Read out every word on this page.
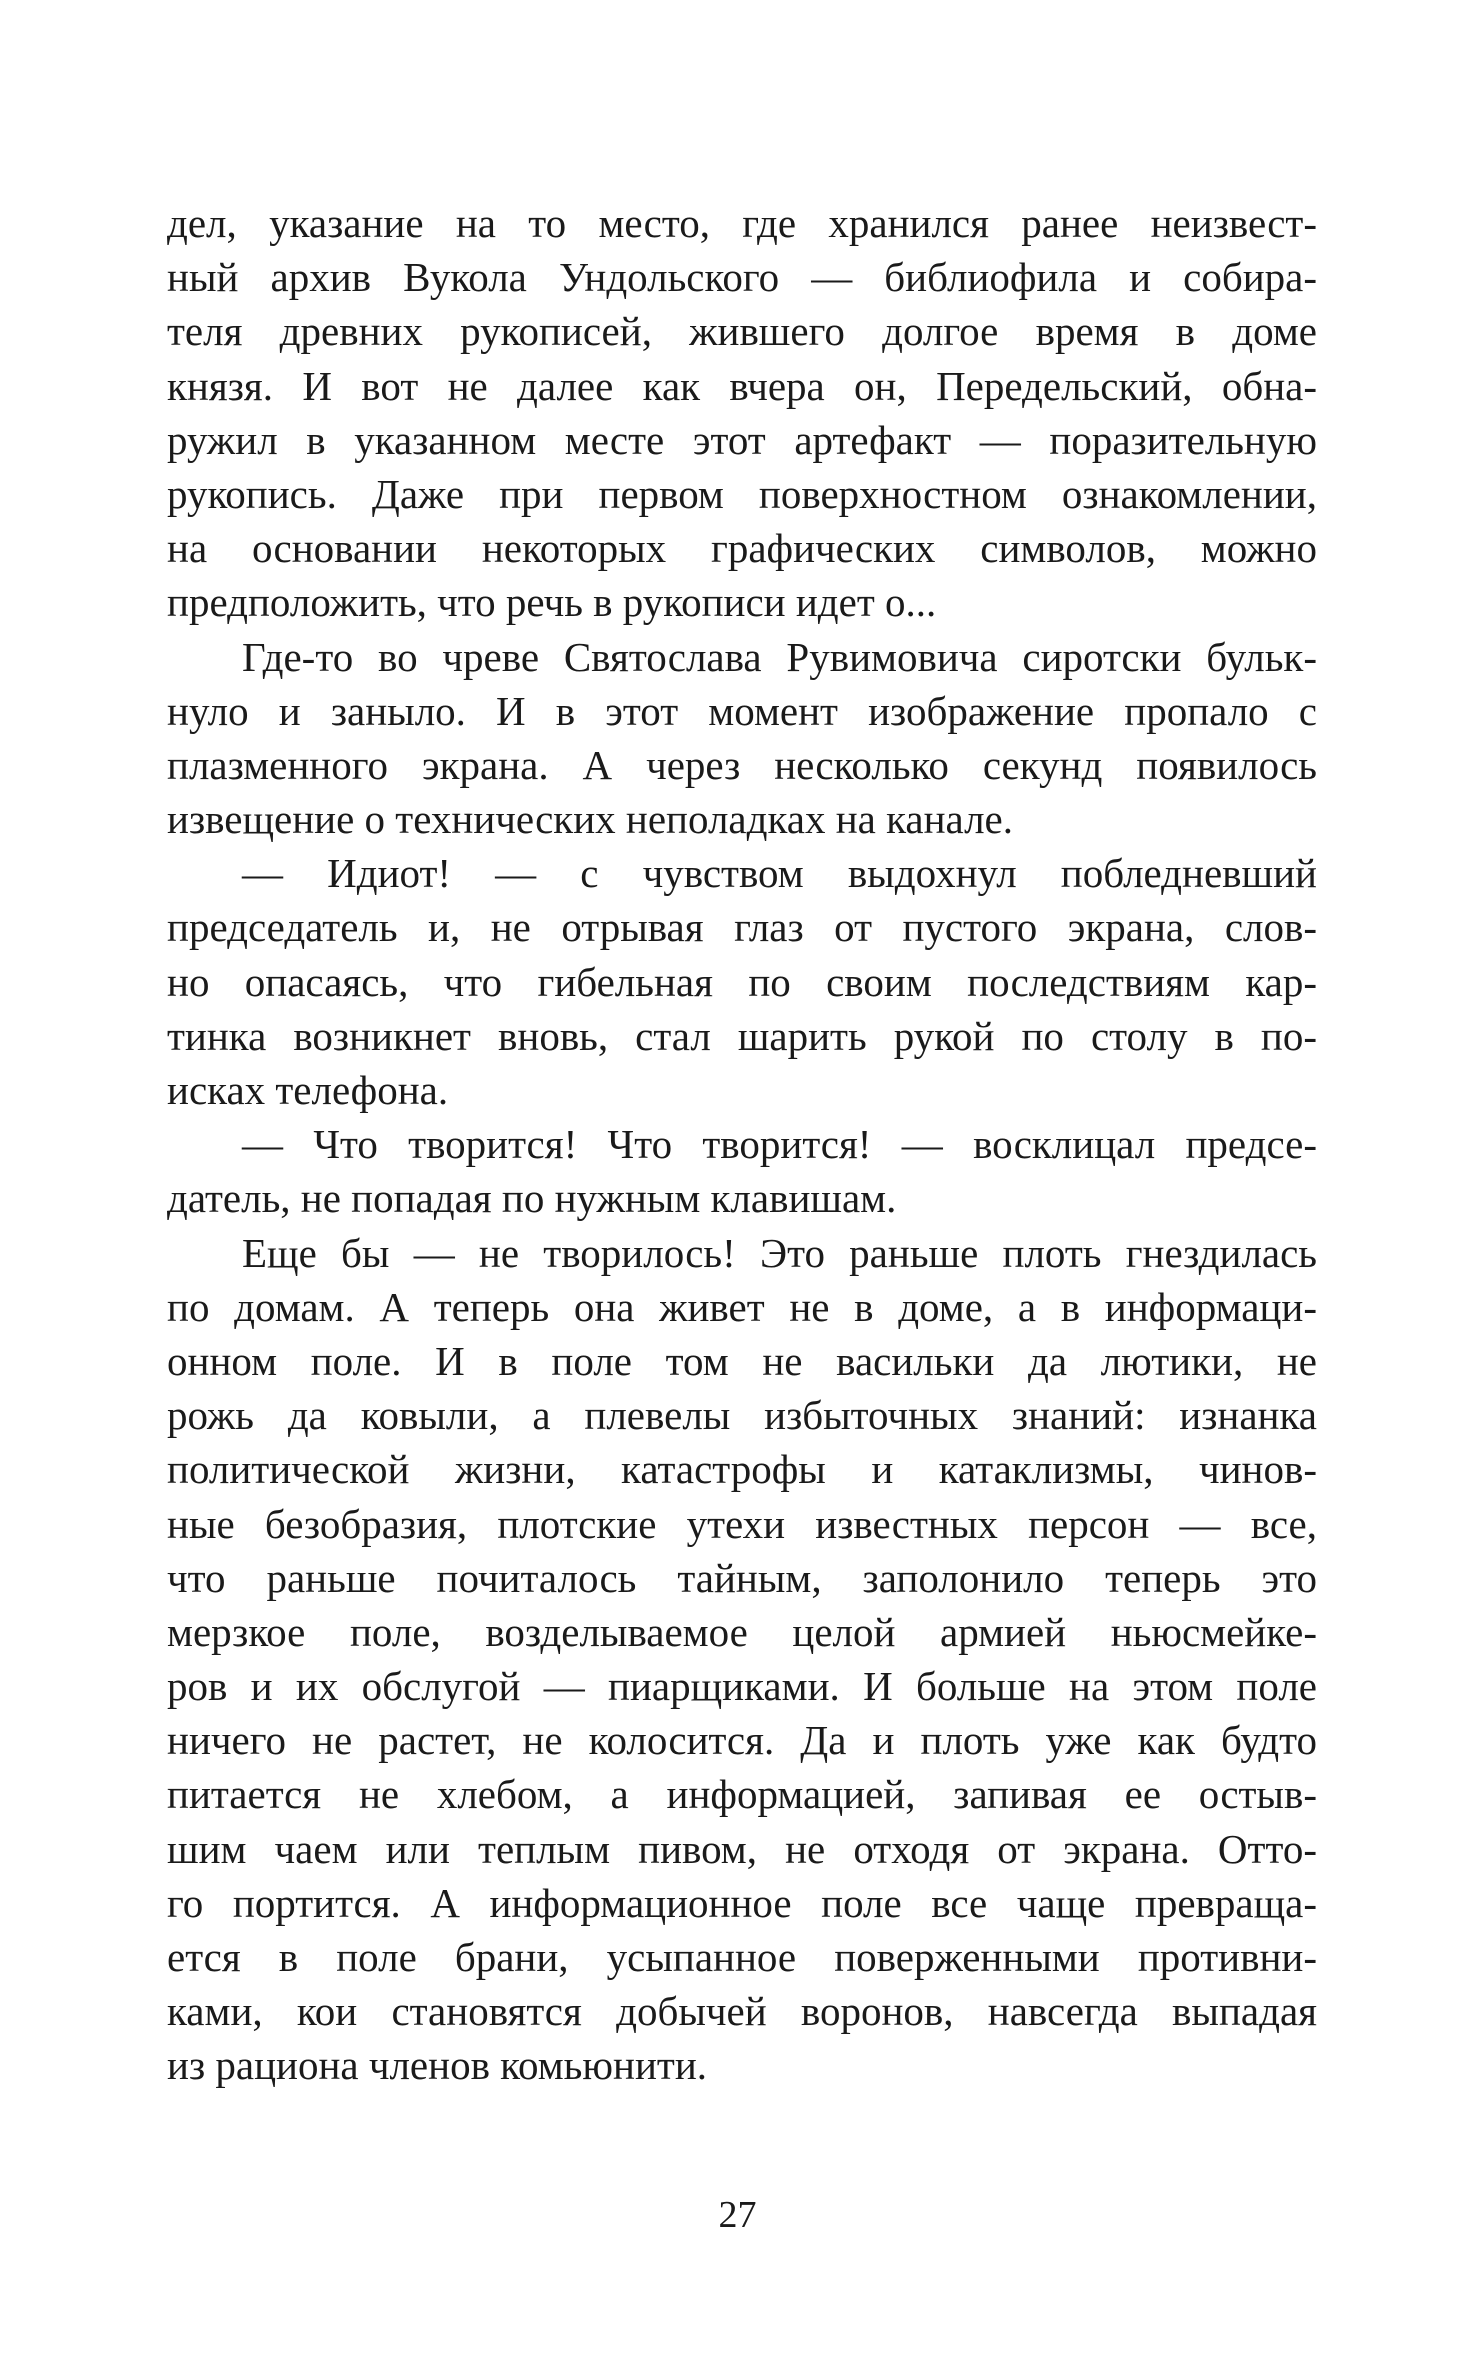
дел, указание на то место, где хранился ранее неизвест-
ный архив Вукола Ундольского — библиофила и собира-
теля древних рукописей, жившего долгое время в доме
князя. И вот не далее как вчера он, Передельский, обна-
ружил в указанном месте этот артефакт — поразительную
рукопись. Даже при первом поверхностном ознакомлении,
на основании некоторых графических символов, можно
предположить, что речь в рукописи идет о...
Где-то во чреве Святослава Рувимовича сиротски бульк-
нуло и заныло. И в этот момент изображение пропало с
плазменного экрана. А через несколько секунд появилось
извещение о технических неполадках на канале.
— Идиот! — с чувством выдохнул побледневший
председатель и, не отрывая глаз от пустого экрана, слов-
но опасаясь, что гибельная по своим последствиям кар-
тинка возникнет вновь, стал шарить рукой по столу в по-
исках телефона.
— Что творится! Что творится! — восклицал предсе-
датель, не попадая по нужным клавишам.
Еще бы — не творилось! Это раньше плоть гнездилась
по домам. А теперь она живет не в доме, а в информаци-
онном поле. И в поле том не васильки да лютики, не
рожь да ковыли, а плевелы избыточных знаний: изнанка
политической жизни, катастрофы и катаклизмы, чинов-
ные безобразия, плотские утехи известных персон — все,
что раньше почиталось тайным, заполонило теперь это
мерзкое поле, возделываемое целой армией ньюсмейке-
ров и их обслугой — пиарщиками. И больше на этом поле
ничего не растет, не колосится. Да и плоть уже как будто
питается не хлебом, а информацией, запивая ее остыв-
шим чаем или теплым пивом, не отходя от экрана. Отто-
го портится. А информационное поле все чаще превраща-
ется в поле брани, усыпанное поверженными противни-
ками, кои становятся добычей воронов, навсегда выпадая
из рациона членов комьюнити.
27
